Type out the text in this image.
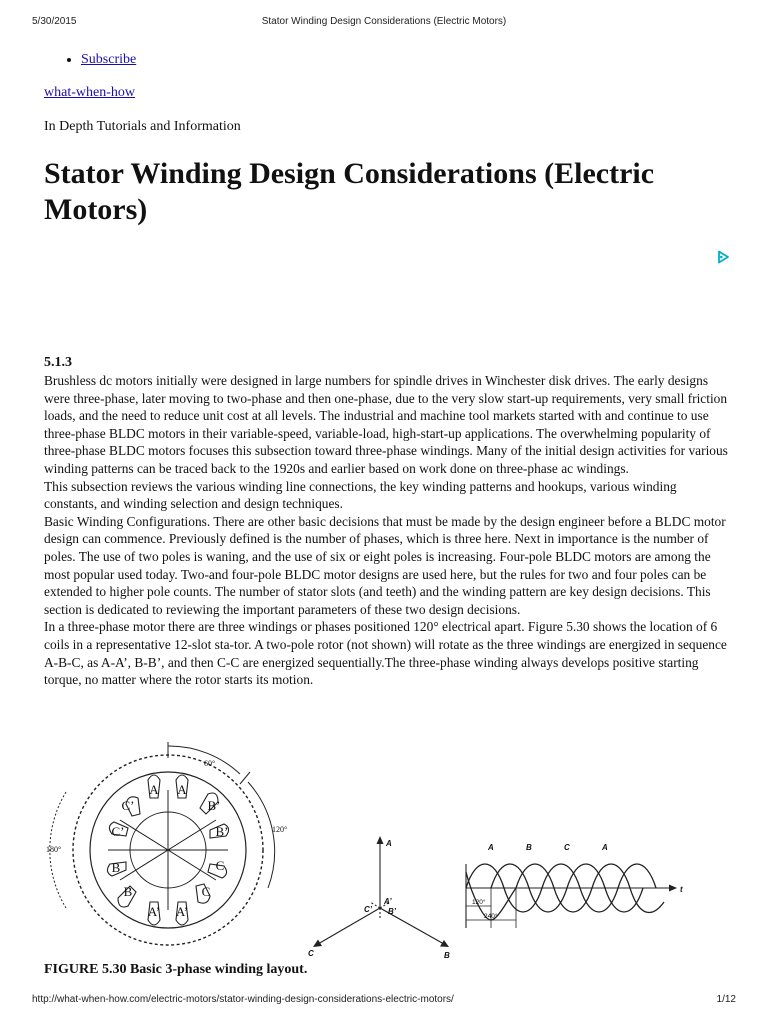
5/30/2015	Stator Winding Design Considerations (Electric Motors)
• Subscribe
what-when-how
In Depth Tutorials and Information
Stator Winding Design Considerations (Electric Motors)
5.1.3

Brushless dc motors initially were designed in large numbers for spindle drives in Winchester disk drives. The early designs were three-phase, later moving to two-phase and then one-phase, due to the very slow start-up requirements, very small friction loads, and the need to reduce unit cost at all levels. The industrial and machine tool markets started with and continue to use three-phase BLDC motors in their variable-speed, variable-load, high-start-up applications. The overwhelming popularity of three-phase BLDC motors focuses this subsection toward three-phase windings. Many of the initial design activities for various winding patterns can be traced back to the 1920s and earlier based on work done on three-phase ac windings.

This subsection reviews the various winding line connections, the key winding patterns and hookups, various winding constants, and winding selection and design techniques.

Basic Winding Configurations. There are other basic decisions that must be made by the design engineer before a BLDC motor design can commence. Previously defined is the number of phases, which is three here. Next in importance is the number of poles. The use of two poles is waning, and the use of six or eight poles is increasing. Four-pole BLDC motors are among the most popular used today. Two-and four-pole BLDC motor designs are used here, but the rules for two and four poles can be extended to higher pole counts. The number of stator slots (and teeth) and the winding pattern are key design decisions. This section is dedicated to reviewing the important parameters of these two design decisions.

In a three-phase motor there are three windings or phases positioned 120° electrical apart. Figure 5.30 shows the location of 6 coils in a representative 12-slot sta-tor. A two-pole rotor (not shown) will rotate as the three windings are energized in sequence A-B-C, as A-A’, B-B’, and then C-C are energized sequentially.The three-phase winding always develops positive starting torque, no matter where the rotor starts its motion.

A A
B’
B’
C
C
A’
A’
B
B
C’
C’
60°
120°
180°
A
A’
C’ B’
C	B
A	B	C	A
t
120°
240°
FIGURE 5.30 Basic 3-phase winding layout.
http://what-when-how.com/electric-motors/stator-winding-design-considerations-electric-motors/	1/12
